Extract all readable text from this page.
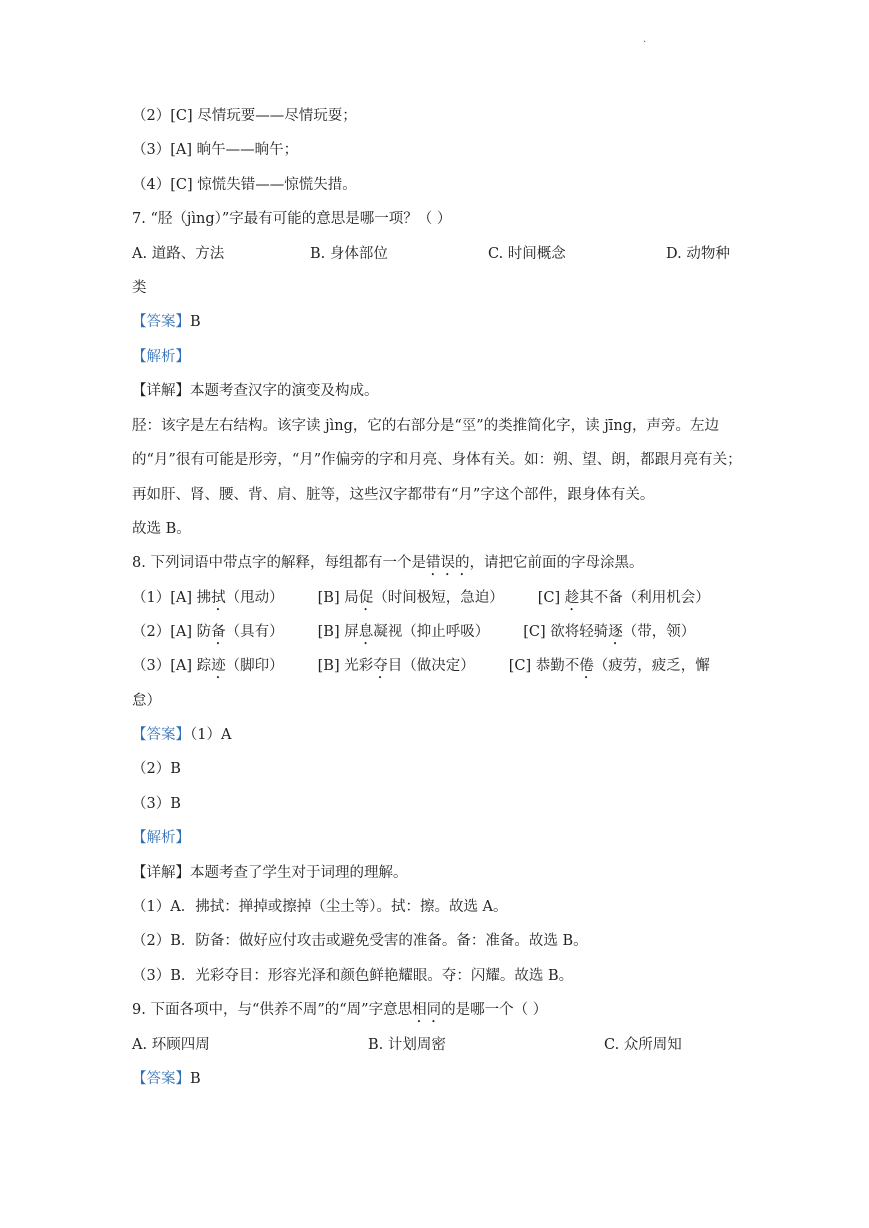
.
（2）[C] 尽情玩要——尽情玩耍；
（3）[A] 晌午——晌午；
（4）[C] 惊慌失错——惊慌失措。
7. “胫（jìng）”字最有可能的意思是哪一项？（ ）
A. 道路、方法	B. 身体部位	C. 时间概念	D. 动物种
类
【答案】B
【解析】
【详解】本题考查汉字的演变及构成。
胫：该字是左右结构。该字读 jìng，它的右部分是“巠”的类推简化字，读 jīng，声旁。左边的“月”很有可能是形旁，“月”作偏旁的字和月亮、身体有关。如：朔、望、朗，都跟月亮有关；再如肝、肾、腰、背、肩、脏等，这些汉字都带有“月”字这个部件，跟身体有关。
故选 B。
8. 下列词语中带点字的解释，每组都有一个是错误的，请把它前面的字母涂黑。
（1）[A] 拂拭（甩动） [B] 局促（时间极短，急迫） [C] 趁其不备（利用机会）
（2）[A] 防备（具有） [B] 屏息凝视（抑止呼吸） [C] 欲将轻骑逐（带，领）
（3）[A] 踪迹（脚印） [B] 光彩夺目（做决定） [C] 恭勤不倦（疲劳，疲乏，懈
怠）
【答案】（1）A
（2）B
（3）B
【解析】
【详解】本题考查了学生对于词理的理解。
（1）A．拂拭：掸掉或擦掉（尘土等）。拭：擦。故选 A。
（2）B．防备：做好应付攻击或避免受害的准备。备：准备。故选 B。
（3）B．光彩夺目：形容光泽和颜色鲜艳耀眼。夺：闪耀。故选 B。
9. 下面各项中，与“供养不周”的“周”字意思相同的是哪一个（ ）
A. 环顾四周	B. 计划周密	C. 众所周知
【答案】B
